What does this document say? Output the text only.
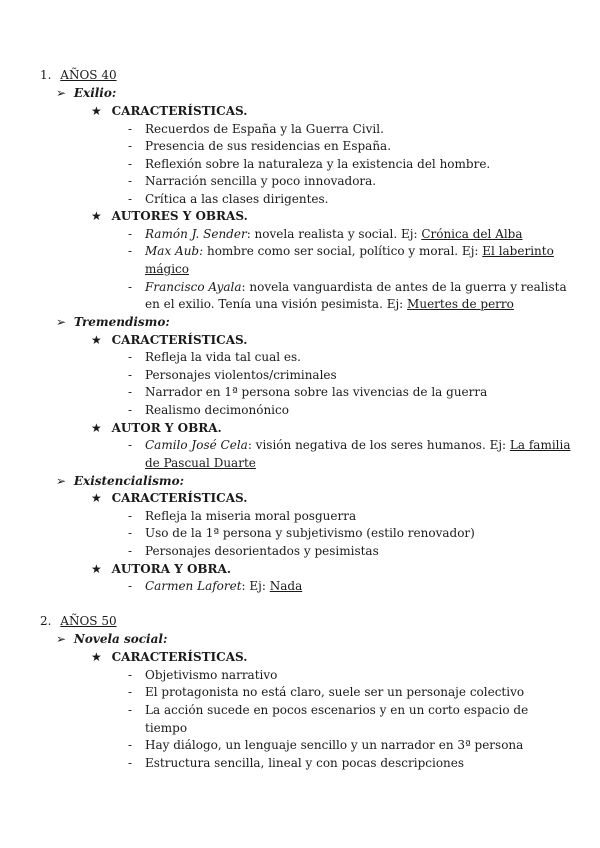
1. AÑOS 40
➢ Exilio:
★ CARACTERÍSTICAS.
- Recuerdos de España y la Guerra Civil.
- Presencia de sus residencias en España.
- Reflexión sobre la naturaleza y la existencia del hombre.
- Narración sencilla y poco innovadora.
- Crítica a las clases dirigentes.
★ AUTORES Y OBRAS.
- Ramón J. Sender: novela realista y social. Ej: Crónica del Alba
- Max Aub: hombre como ser social, político y moral. Ej: El laberinto
mágico
- Francisco Ayala: novela vanguardista de antes de la guerra y realista
en el exilio. Tenía una visión pesimista. Ej: Muertes de perro
➢ Tremendismo:
★ CARACTERÍSTICAS.
- Refleja la vida tal cual es.
- Personajes violentos/criminales
- Narrador en 1ª persona sobre las vivencias de la guerra
- Realismo decimonónico
★ AUTOR Y OBRA.
- Camilo José Cela: visión negativa de los seres humanos. Ej: La familia
de Pascual Duarte
➢ Existencialismo:
★ CARACTERÍSTICAS.
- Refleja la miseria moral posguerra
- Uso de la 1ª persona y subjetivismo (estilo renovador)
- Personajes desorientados y pesimistas
★ AUTORA Y OBRA.
- Carmen Laforet: Ej: Nada
2. AÑOS 50
➢ Novela social:
★ CARACTERÍSTICAS.
- Objetivismo narrativo
- El protagonista no está claro, suele ser un personaje colectivo
- La acción sucede en pocos escenarios y en un corto espacio de
tiempo
- Hay diálogo, un lenguaje sencillo y un narrador en 3ª persona
- Estructura sencilla, lineal y con pocas descripciones
